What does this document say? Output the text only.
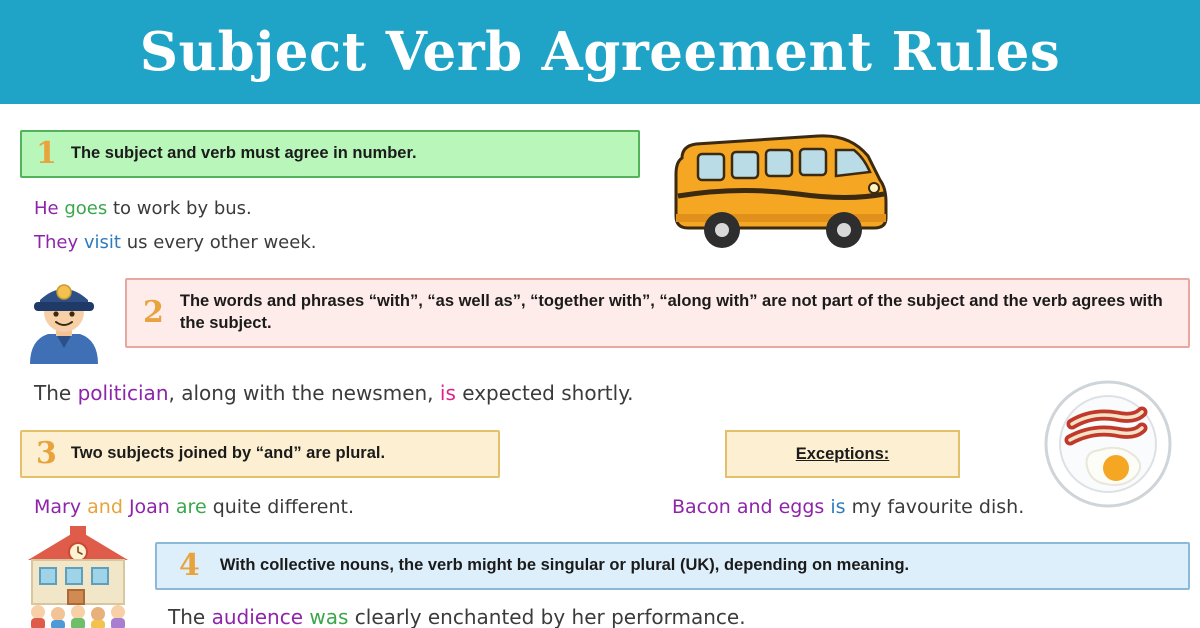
Subject Verb Agreement Rules
1 The subject and verb must agree in number.
He goes to work by bus.
They visit us every other week.
2 The words and phrases “with”, “as well as”, “together with”, “along with” are not part of the subject and the verb agrees with the subject.
The politician, along with the newsmen, is expected shortly.
3 Two subjects joined by “and” are plural.	Exceptions:
Mary and Joan are quite different.	Bacon and eggs is my favourite dish.
4	With collective nouns, the verb might be singular or plural (UK), depending on meaning.
The audience was clearly enchanted by her performance.
